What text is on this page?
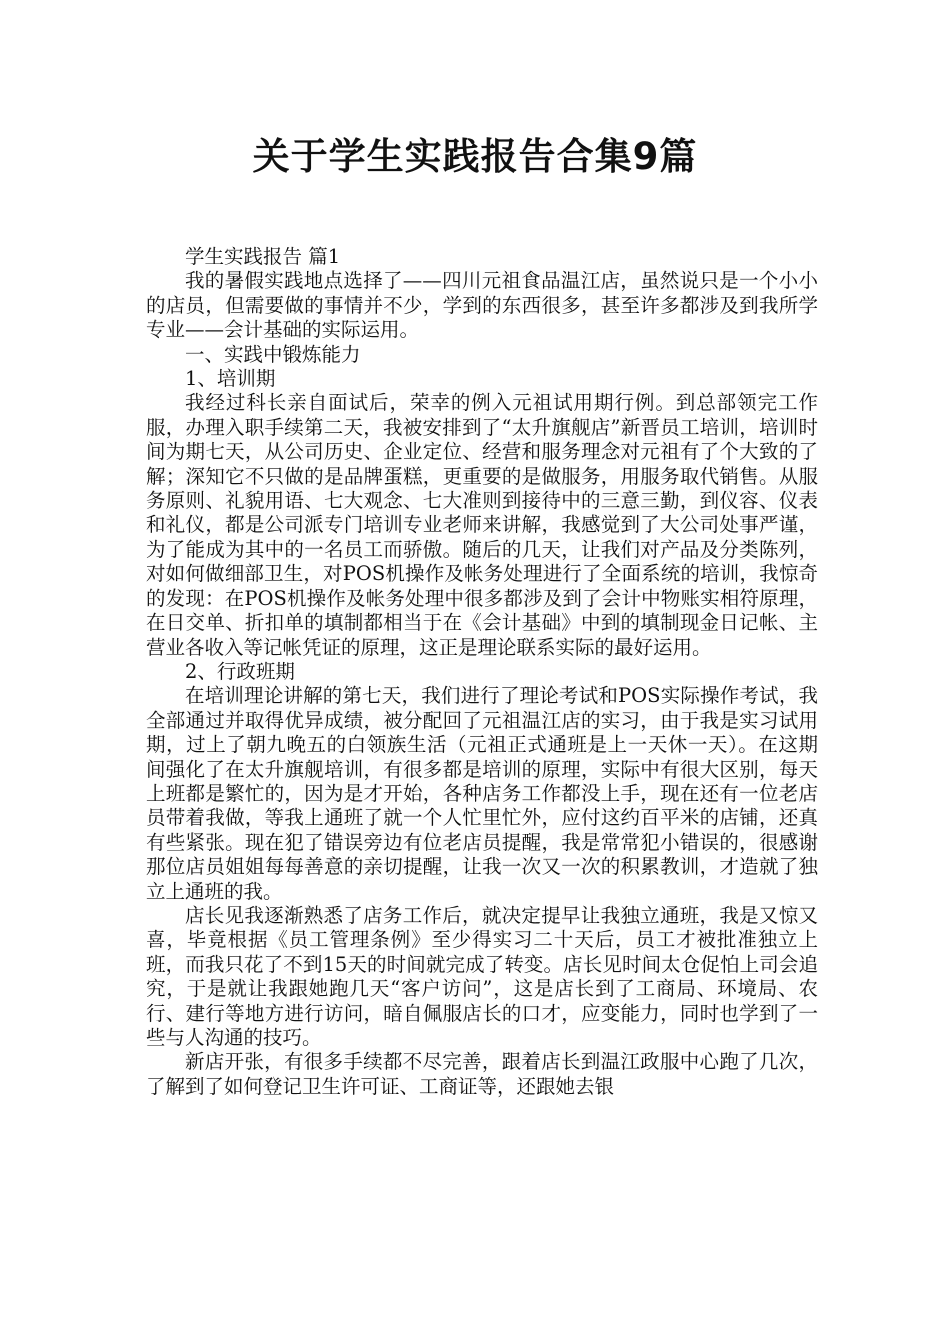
关于学生实践报告合集9篇

学生实践报告 篇1

我的暑假实践地点选择了——四川元祖食品温江店，虽然说只是一个小小的店员，但需要做的事情并不少，学到的东西很多，甚至许多都涉及到我所学专业——会计基础的实际运用。

一、实践中锻炼能力

1、培训期

我经过科长亲自面试后，荣幸的例入元祖试用期行例。到总部领完工作服，办理入职手续第二天，我被安排到了“太升旗舰店”新晋员工培训，培训时间为期七天，从公司历史、企业定位、经营和服务理念对元祖有了个大致的了解；深知它不只做的是品牌蛋糕，更重要的是做服务，用服务取代销售。从服务原则、礼貌用语、七大观念、七大准则到接待中的三意三勤，到仪容、仪表和礼仪，都是公司派专门培训专业老师来讲解，我感觉到了大公司处事严谨，为了能成为其中的一名员工而骄傲。随后的几天，让我们对产品及分类陈列，对如何做细部卫生，对POS机操作及帐务处理进行了全面系统的培训，我惊奇的发现：在POS机操作及帐务处理中很多都涉及到了会计中物账实相符原理，在日交单、折扣单的填制都相当于在《会计基础》中到的填制现金日记帐、主营业各收入等记帐凭证的原理，这正是理论联系实际的最好运用。

2、行政班期

在培训理论讲解的第七天，我们进行了理论考试和POS实际操作考试，我全部通过并取得优异成绩，被分配回了元祖温江店的实习，由于我是实习试用期，过上了朝九晚五的白领族生活（元祖正式通班是上一天休一天）。在这期间强化了在太升旗舰培训，有很多都是培训的原理，实际中有很大区别，每天上班都是繁忙的，因为是才开始，各种店务工作都没上手，现在还有一位老店员带着我做，等我上通班了就一个人忙里忙外，应付这约百平米的店铺，还真有些紧张。现在犯了错误旁边有位老店员提醒，我是常常犯小错误的，很感谢那位店员姐姐每每善意的亲切提醒，让我一次又一次的积累教训，才造就了独立上通班的我。

店长见我逐渐熟悉了店务工作后，就决定提早让我独立通班，我是又惊又喜，毕竟根据《员工管理条例》至少得实习二十天后，员工才被批准独立上班，而我只花了不到15天的时间就完成了转变。店长见时间太仓促怕上司会追究，于是就让我跟她跑几天“客户访问”，这是店长到了工商局、环境局、农行、建行等地方进行访问，暗自佩服店长的口才，应变能力，同时也学到了一些与人沟通的技巧。

新店开张，有很多手续都不尽完善，跟着店长到温江政服中心跑了几次，了解到了如何登记卫生许可证、工商证等，还跟她去银
